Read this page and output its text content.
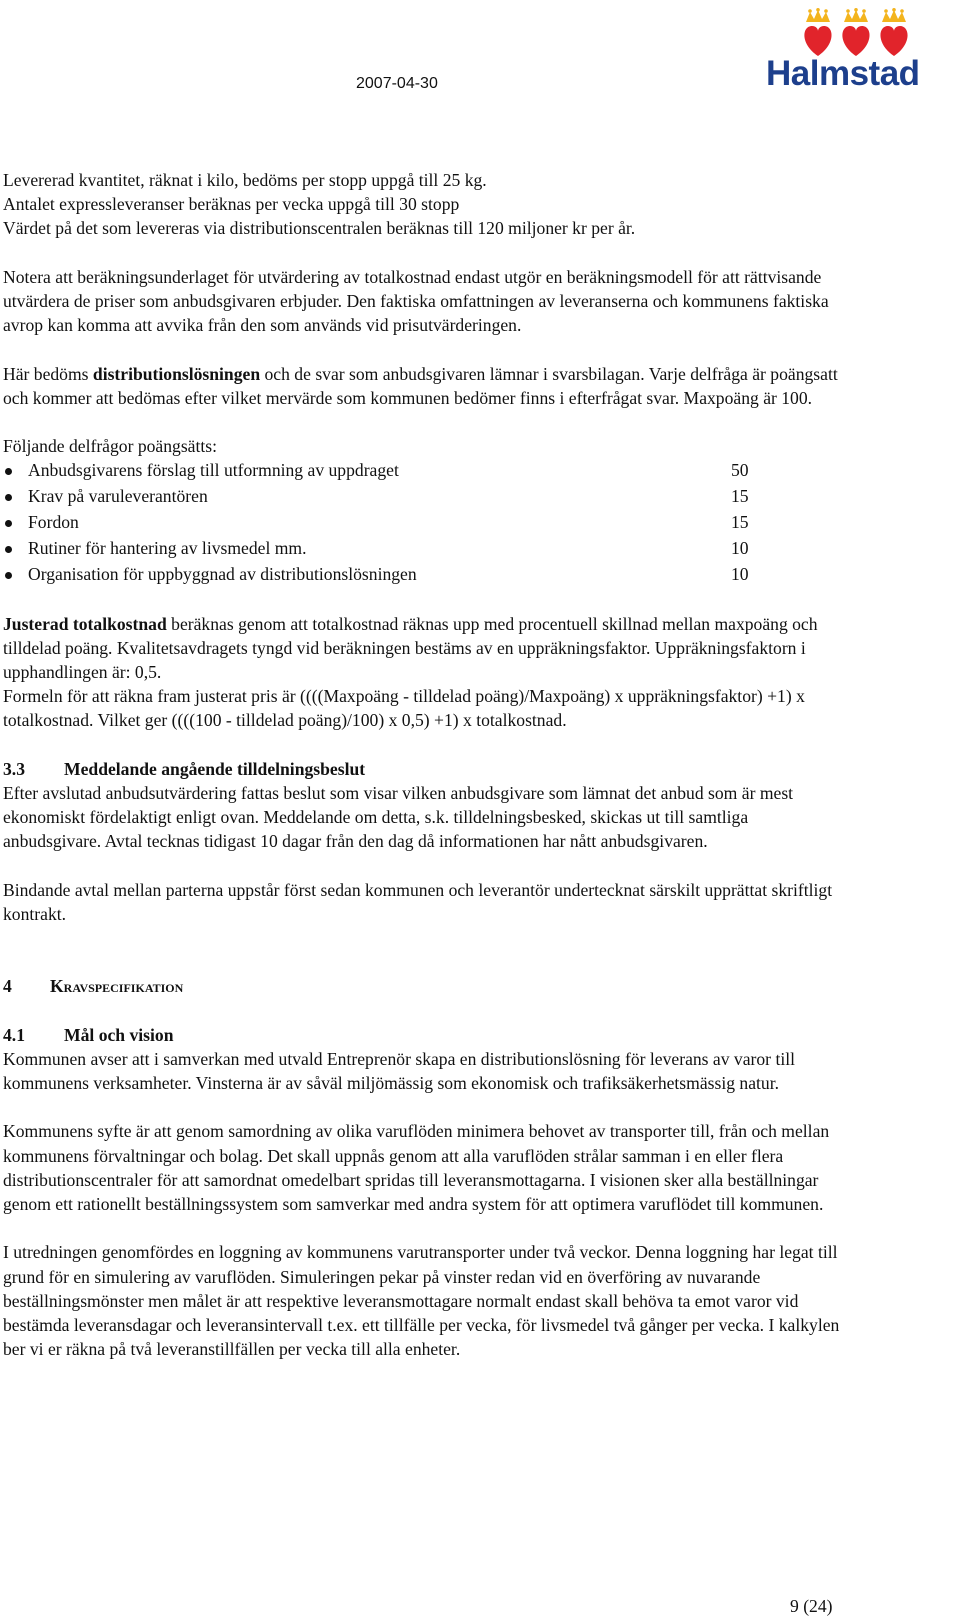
2007-04-30	Halmstad

Levererad kvantitet, räknat i kilo, bedöms per stopp uppgå till 25 kg.

Antalet expressleveranser beräknas per vecka uppgå till 30 stopp

Värdet på det som levereras via distributionscentralen beräknas till 120 miljoner kr per år.

Notera att beräkningsunderlaget för utvärdering av totalkostnad endast utgör en beräkningsmodell för att rättvisande utvärdera de priser som anbudsgivaren erbjuder. Den faktiska omfattningen av leveranserna och kommunens faktiska avrop kan komma att avvika från den som används vid prisutvärderingen.

Här bedöms distributionslösningen och de svar som anbudsgivaren lämnar i svarsbilagan. Varje delfråga är poängsatt och kommer att bedömas efter vilket mervärde som kommunen bedömer finns i efterfrågat svar. Maxpoäng är 100.

Följande delfrågor poängsätts:

Anbudsgivarens förslag till utformning av uppdraget	50
Krav på varuleverantören	15
Fordon	15
Rutiner för hantering av livsmedel mm.	10
Organisation för uppbyggnad av distributionslösningen	10

Justerad totalkostnad beräknas genom att totalkostnad räknas upp med procentuell skillnad mellan maxpoäng och tilldelad poäng. Kvalitetsavdragets tyngd vid beräkningen bestäms av en uppräkningsfaktor. Uppräkningsfaktorn i upphandlingen är: 0,5.

Formeln för att räkna fram justerat pris är ((((Maxpoäng - tilldelad poäng)/Maxpoäng) x uppräkningsfaktor) +1) x totalkostnad. Vilket ger ((((100 - tilldelad poäng)/100) x 0,5) +1) x totalkostnad.

3.3 Meddelande angående tilldelningsbeslut

Efter avslutad anbudsutvärdering fattas beslut som visar vilken anbudsgivare som lämnat det anbud som är mest ekonomiskt fördelaktigt enligt ovan. Meddelande om detta, s.k. tilldelningsbesked, skickas ut till samtliga anbudsgivare. Avtal tecknas tidigast 10 dagar från den dag då informationen har nått anbudsgivaren.

Bindande avtal mellan parterna uppstår först sedan kommunen och leverantör undertecknat särskilt upprättat skriftligt kontrakt.

4 Kravspecifikation

4.1 Mål och vision

Kommunen avser att i samverkan med utvald Entreprenör skapa en distributionslösning för leverans av varor till kommunens verksamheter. Vinsterna är av såväl miljömässig som ekonomisk och trafiksäkerhetsmässig natur.

Kommunens syfte är att genom samordning av olika varuflöden minimera behovet av transporter till, från och mellan kommunens förvaltningar och bolag. Det skall uppnås genom att alla varuflöden strålar samman i en eller flera distributionscentraler för att samordnat omedelbart spridas till leveransmottagarna. I visionen sker alla beställningar genom ett rationellt beställningssystem som samverkar med andra system för att optimera varuflödet till kommunen.

I utredningen genomfördes en loggning av kommunens varutransporter under två veckor. Denna loggning har legat till grund för en simulering av varuflöden. Simuleringen pekar på vinster redan vid en överföring av nuvarande beställningsmönster men målet är att respektive leveransmottagare normalt endast skall behöva ta emot varor vid bestämda leveransdagar och leveransintervall t.ex. ett tillfälle per vecka, för livsmedel två gånger per vecka. I kalkylen ber vi er räkna på två leveranstillfällen per vecka till alla enheter.

9 (24)
